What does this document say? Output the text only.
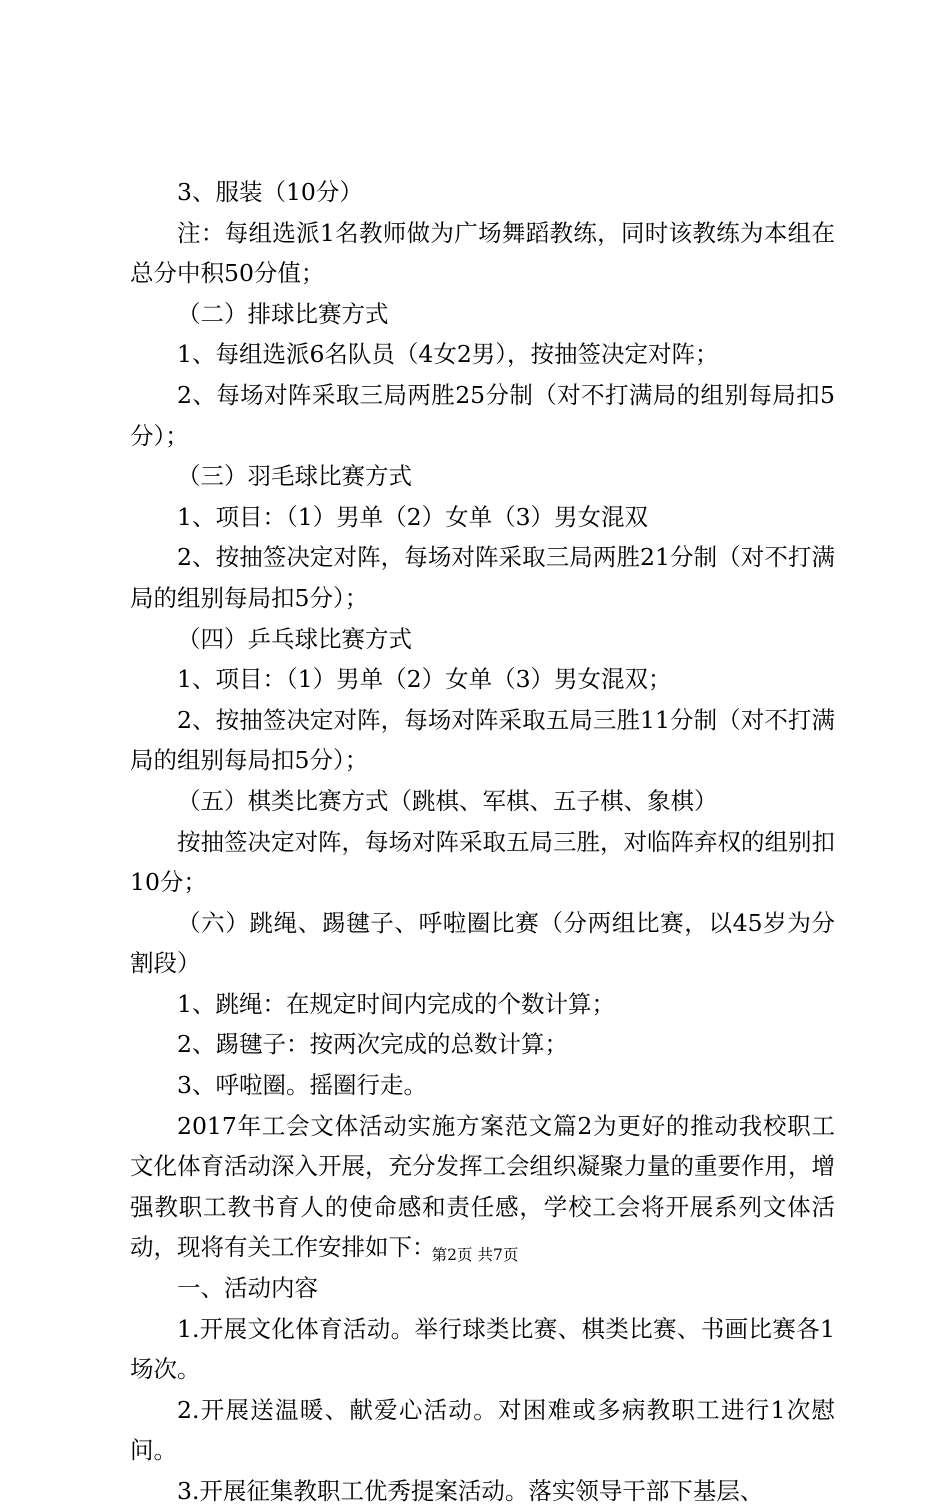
3、服装（10分）

注：每组选派1名教师做为广场舞蹈教练，同时该教练为本组在总分中积50分值；

（二）排球比赛方式

1、每组选派6名队员（4女2男），按抽签决定对阵；

2、每场对阵采取三局两胜25分制（对不打满局的组别每局扣5分）；

（三）羽毛球比赛方式

1、项目：（1）男单（2）女单（3）男女混双

2、按抽签决定对阵，每场对阵采取三局两胜21分制（对不打满局的组别每局扣5分）；

（四）乒乓球比赛方式

1、项目：（1）男单（2）女单（3）男女混双；

2、按抽签决定对阵，每场对阵采取五局三胜11分制（对不打满局的组别每局扣5分）；

（五）棋类比赛方式（跳棋、军棋、五子棋、象棋）

按抽签决定对阵，每场对阵采取五局三胜，对临阵弃权的组别扣10分；

（六）跳绳、踢毽子、呼啦圈比赛（分两组比赛，以45岁为分割段）

1、跳绳：在规定时间内完成的个数计算；

2、踢毽子：按两次完成的总数计算；

3、呼啦圈。摇圈行走。

2017年工会文体活动实施方案范文篇2为更好的推动我校职工文化体育活动深入开展，充分发挥工会组织凝聚力量的重要作用，增强教职工教书育人的使命感和责任感，学校工会将开展系列文体活动，现将有关工作安排如下：

一、活动内容

1.开展文化体育活动。举行球类比赛、棋类比赛、书画比赛各1场次。

2.开展送温暖、献爱心活动。对困难或多病教职工进行1次慰问。

3.开展征集教职工优秀提案活动。落实领导干部下基层、

第2页 共7页
